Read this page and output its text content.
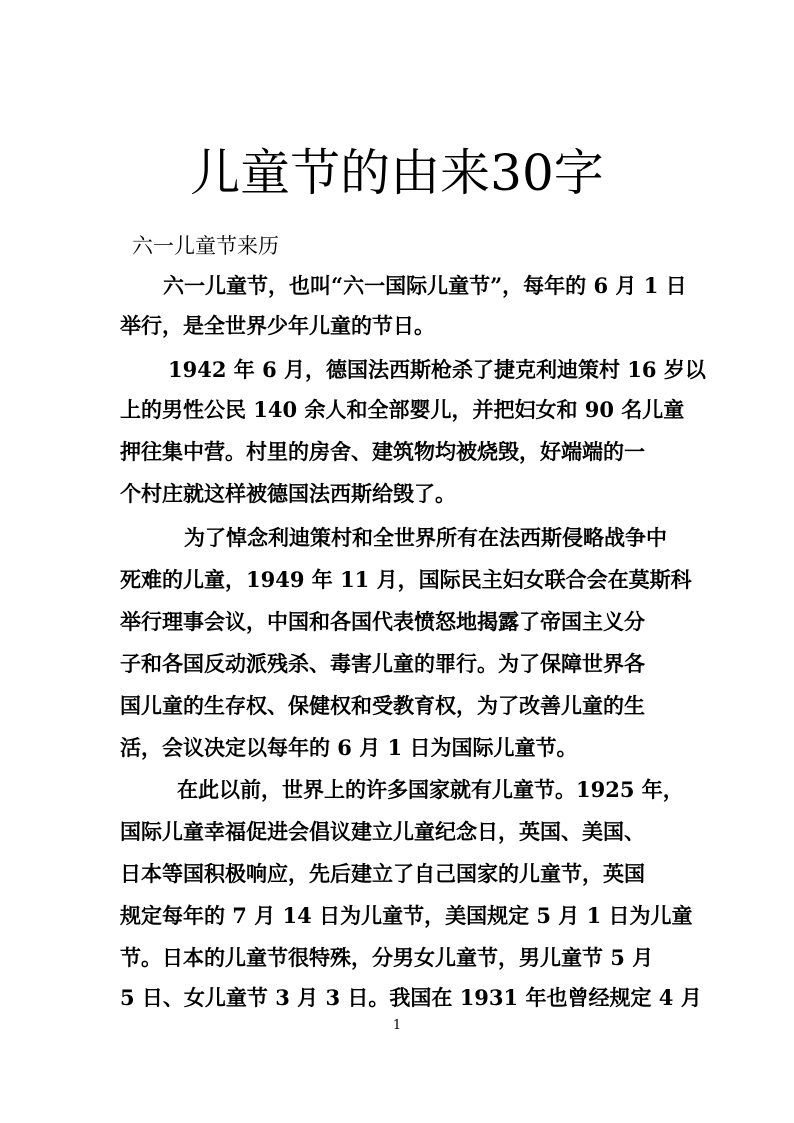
儿童节的由来30字

六一儿童节来历

六一儿童节，也叫“六一国际儿童节”，每年的 6 月 1 日

举行，是全世界少年儿童的节日。

1942 年 6 月，德国法西斯枪杀了捷克利迪策村 16 岁以

上的男性公民 140 余人和全部婴儿，并把妇女和 90 名儿童

押往集中营。村里的房舍、建筑物均被烧毁，好端端的一

个村庄就这样被德国法西斯给毁了。

为了悼念利迪策村和全世界所有在法西斯侵略战争中

死难的儿童，1949 年 11 月，国际民主妇女联合会在莫斯科

举行理事会议，中国和各国代表愤怒地揭露了帝国主义分

子和各国反动派残杀、毒害儿童的罪行。为了保障世界各

国儿童的生存权、保健权和受教育权，为了改善儿童的生

活，会议决定以每年的 6 月 1 日为国际儿童节。

在此以前，世界上的许多国家就有儿童节。1925 年，

国际儿童幸福促进会倡议建立儿童纪念日，英国、美国、

日本等国积极响应，先后建立了自己国家的儿童节，英国

规定每年的 7 月 14 日为儿童节，美国规定 5 月 1 日为儿童

节。日本的儿童节很特殊，分男女儿童节，男儿童节 5 月

5 日、女儿童节 3 月 3 日。我国在 1931 年也曾经规定 4 月

1
